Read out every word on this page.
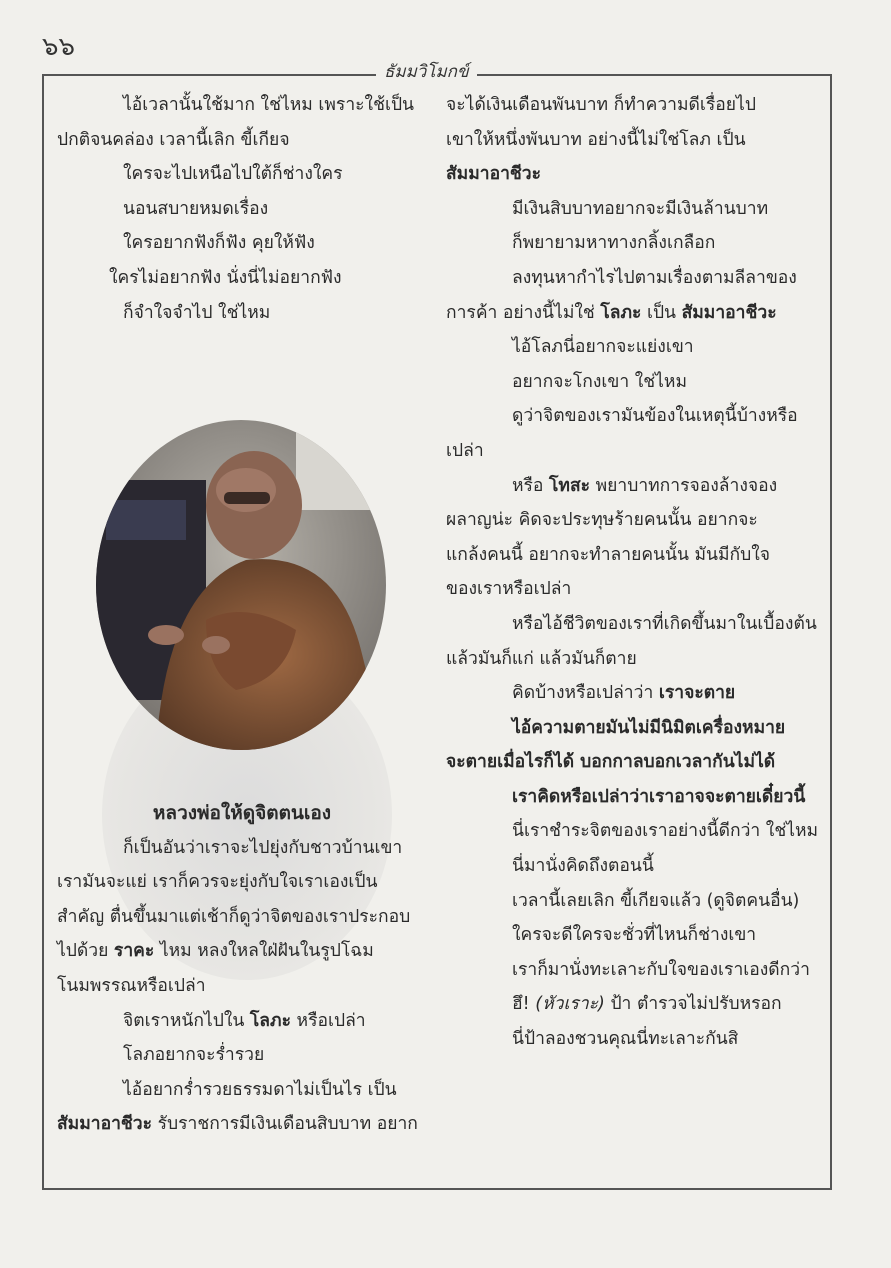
๖๖
ธัมมวิโมกข์

ไอ้เวลานั้นใช้มาก ใช่ไหม เพราะใช้เป็น

ปกติจนคล่อง เวลานี้เลิก ขี้เกียจ

ใครจะไปเหนือไปใต้ก็ช่างใคร

นอนสบายหมดเรื่อง

ใครอยากฟังก็ฟัง คุยให้ฟัง

ใครไม่อยากฟัง นั่งนี่ไม่อยากฟัง

ก็จำใจจำไป ใช่ไหม

หลวงพ่อให้ดูจิตตนเอง

ก็เป็นอันว่าเราจะไปยุ่งกับชาวบ้านเขา

เรามันจะแย่ เราก็ควรจะยุ่งกับใจเราเองเป็น

สำคัญ ตื่นขึ้นมาแต่เช้าก็ดูว่าจิตของเราประกอบ

ไปด้วย ราคะ ไหม หลงใหลใฝ่ฝันในรูปโฉม

โนมพรรณหรือเปล่า

จิตเราหนักไปใน โลภะ หรือเปล่า

โลภอยากจะร่ำรวย

ไอ้อยากร่ำรวยธรรมดาไม่เป็นไร เป็น

สัมมาอาชีวะ รับราชการมีเงินเดือนสิบบาท อยาก

จะได้เงินเดือนพันบาท ก็ทำความดีเรื่อยไป

เขาให้หนึ่งพันบาท อย่างนี้ไม่ใช่โลภ เป็น

สัมมาอาชีวะ

มีเงินสิบบาทอยากจะมีเงินล้านบาท

ก็พยายามหาทางกลิ้งเกลือก

ลงทุนหากำไรไปตามเรื่องตามลีลาของ

การค้า อย่างนี้ไม่ใช่ โลภะ เป็น สัมมาอาชีวะ

ไอ้โลภนี่อยากจะแย่งเขา

อยากจะโกงเขา ใช่ไหม

ดูว่าจิตของเรามันข้องในเหตุนี้บ้างหรือ

เปล่า

หรือ โทสะ พยาบาทการจองล้างจอง

ผลาญน่ะ คิดจะประทุษร้ายคนนั้น อยากจะ

แกล้งคนนี้ อยากจะทำลายคนนั้น มันมีกับใจ

ของเราหรือเปล่า

หรือไอ้ชีวิตของเราที่เกิดขึ้นมาในเบื้องต้น

แล้วมันก็แก่ แล้วมันก็ตาย

คิดบ้างหรือเปล่าว่า เราจะตาย

ไอ้ความตายมันไม่มีนิมิตเครื่องหมาย

จะตายเมื่อไรก็ได้ บอกกาลบอกเวลากันไม่ได้

เราคิดหรือเปล่าว่าเราอาจจะตายเดี๋ยวนี้

นี่เราชำระจิตของเราอย่างนี้ดีกว่า ใช่ไหม

นี่มานั่งคิดถึงตอนนี้

เวลานี้เลยเลิก ขี้เกียจแล้ว (ดูจิตคนอื่น)

ใครจะดีใครจะชั่วที่ไหนก็ช่างเขา

เราก็มานั่งทะเลาะกับใจของเราเองดีกว่า

ฮึ! (หัวเราะ) ป้า ตำรวจไม่ปรับหรอก

นี่ป้าลองชวนคุณนี่ทะเลาะกันสิ
